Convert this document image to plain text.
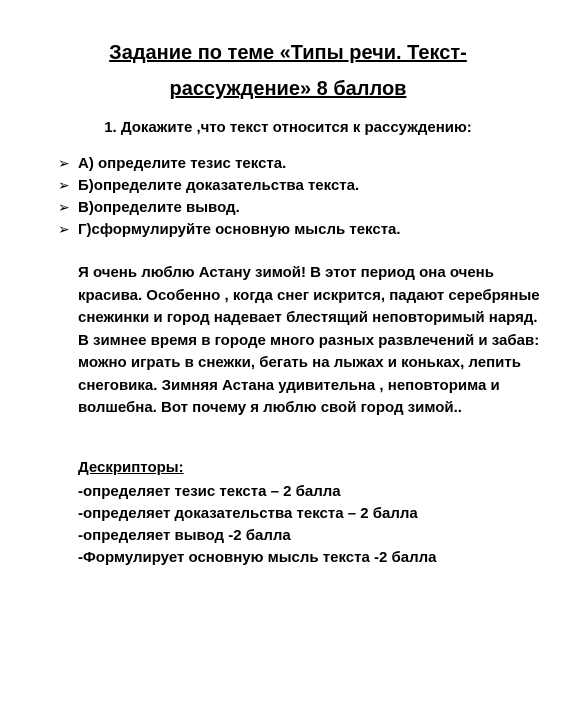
Задание по теме «Типы речи. Текст-рассуждение» 8 баллов

1. Докажите ,что текст относится к рассуждению:

➢ А) определите тезис текста.
➢ Б)определите доказательства текста.
➢ В)определите вывод.
➢ Г)сформулируйте основную мысль текста.

Я очень люблю Астану зимой! В этот период она очень
красива. Особенно , когда снег искрится, падают серебряные
снежинки и город надевает блестящий неповторимый наряд.
В зимнее время в городе много разных развлечений и забав:
можно играть в снежки, бегать на лыжах и коньках, лепить
снеговика. Зимняя Астана удивительна , неповторима и
волшебна. Вот почему я люблю свой город зимой..

Дескрипторы:

-определяет тезис текста – 2 балла
-определяет доказательства текста – 2 балла
-определяет вывод -2 балла
-Формулирует основную мысль текста -2 балла
